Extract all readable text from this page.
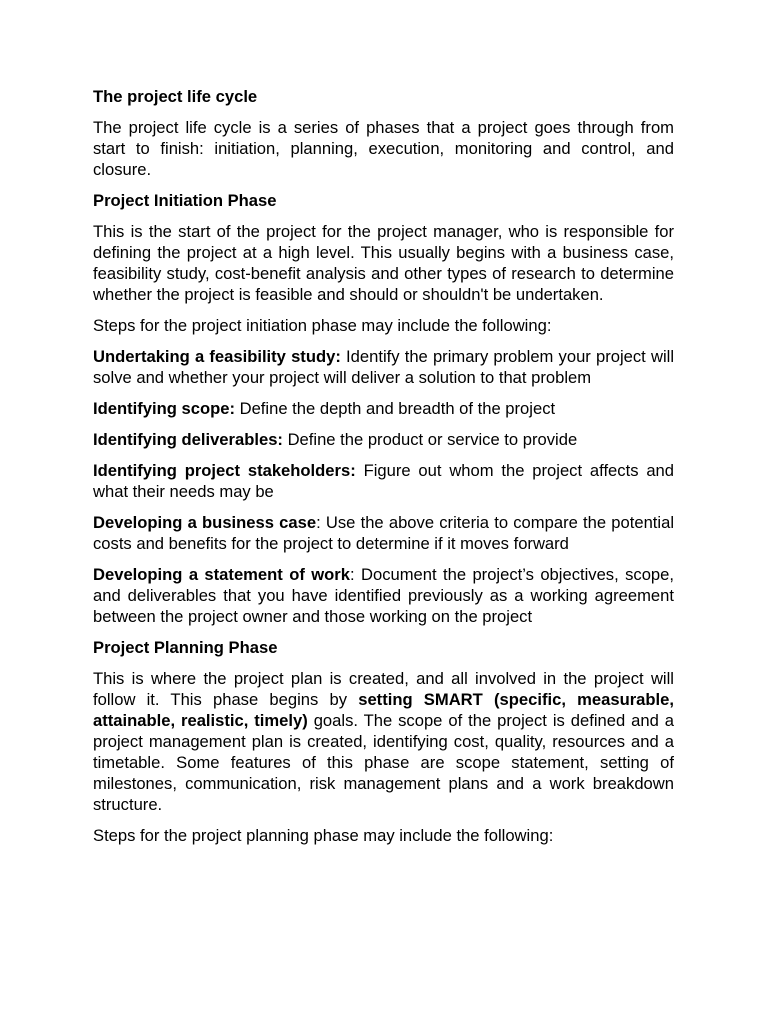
The project life cycle

The project life cycle is a series of phases that a project goes through from start to finish: initiation, planning, execution, monitoring and control, and closure.

Project Initiation Phase

This is the start of the project for the project manager, who is responsible for defining the project at a high level. This usually begins with a business case, feasibility study, cost-benefit analysis and other types of research to determine whether the project is feasible and should or shouldn't be undertaken.

Steps for the project initiation phase may include the following:

Undertaking a feasibility study: Identify the primary problem your project will solve and whether your project will deliver a solution to that problem

Identifying scope: Define the depth and breadth of the project

Identifying deliverables: Define the product or service to provide

Identifying project stakeholders: Figure out whom the project affects and what their needs may be

Developing a business case: Use the above criteria to compare the potential costs and benefits for the project to determine if it moves forward

Developing a statement of work: Document the project’s objectives, scope, and deliverables that you have identified previously as a working agreement between the project owner and those working on the project

Project Planning Phase

This is where the project plan is created, and all involved in the project will follow it. This phase begins by setting SMART (specific, measurable, attainable, realistic, timely) goals. The scope of the project is defined and a project management plan is created, identifying cost, quality, resources and a timetable. Some features of this phase are scope statement, setting of milestones, communication, risk management plans and a work breakdown structure.

Steps for the project planning phase may include the following:
